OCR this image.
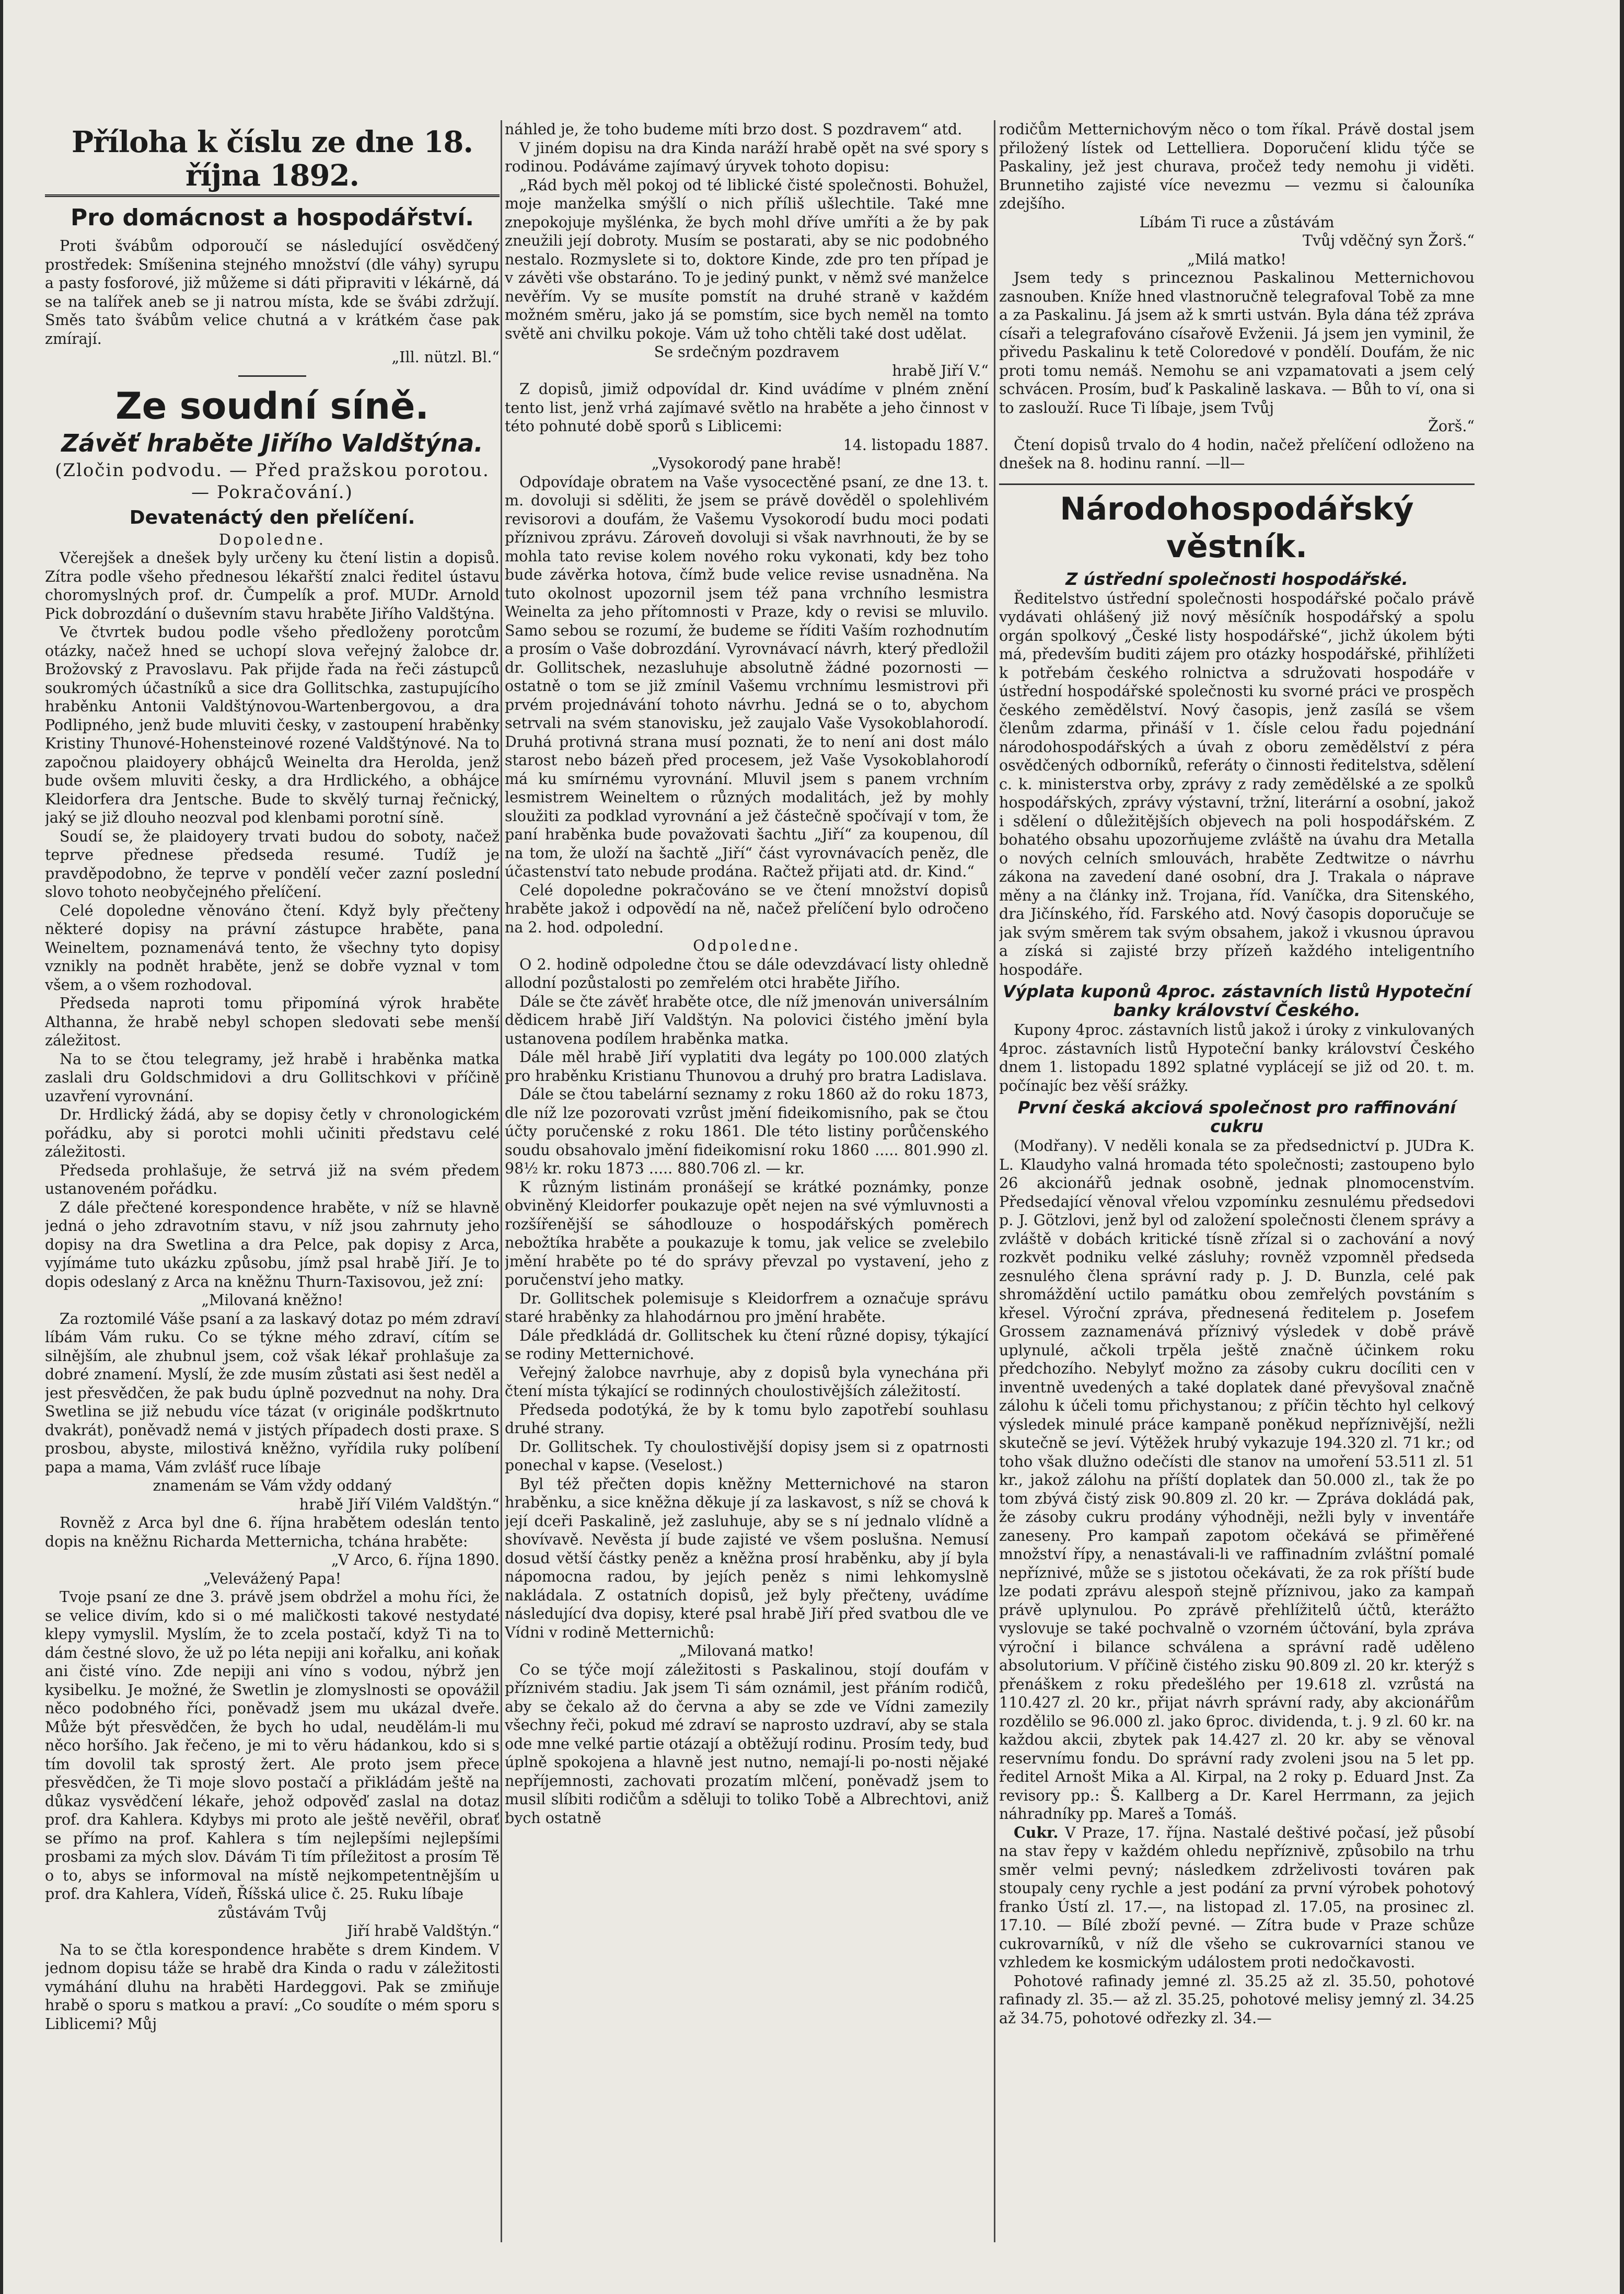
Příloha k číslu ze dne 18. října 1892.
Pro domácnost a hospodářství.

Proti švábům odporoučí se následující osvědčený prostředek: Smíšenina stejného množství (dle váhy) syrupu a pasty fosforové, již můžeme si dáti připraviti v lékárně, dá se na talířek aneb se ji natrou místa, kde se švábi zdržují. Směs tato švábům velice chutná a v krátkém čase pak zmírají.

„Ill. nützl. Bl.“

Ze soudní síně.
Závěť hraběte Jiřího Valdštýna.
(Zločin podvodu. — Před pražskou porotou. — Pokračování.)
Devatenáctý den přelíčení.

Dopoledne.

Včerejšek a dnešek byly určeny ku čtení listin a dopisů. Zítra podle všeho přednesou lékařští znalci ředitel ústavu choromyslných prof. dr. Čumpelík a prof. MUDr. Arnold Pick dobrozdání o duševním stavu hraběte Jiřího Valdštýna.

Ve čtvrtek budou podle všeho předloženy porotcům otázky, načež hned se uchopí slova veřejný žalobce dr. Brožovský z Pravoslavu. Pak přijde řada na řeči zástupců soukromých účastníků a sice dra Gollitschka, zastupujícího hraběnku Antonii Valdštýnovou-Wartenbergovou, a dra Podlipného, jenž bude mluviti česky, v zastoupení hraběnky Kristiny Thunové-Hohensteinové rozené Valdštýnové. Na to započnou plaidoyery obhájců Weinelta dra Herolda, jenž bude ovšem mluviti česky, a dra Hrdlického, a obhájce Kleidorfera dra Jentsche. Bude to skvělý turnaj řečnický, jaký se již dlouho neozval pod klenbami porotní síně.

Soudí se, že plaidoyery trvati budou do soboty, načež teprve přednese předseda resumé. Tudíž je pravděpodobno, že teprve v pondělí večer zazní poslední slovo tohoto neobyčejného přelíčení.

Celé dopoledne věnováno čtení. Když byly přečteny některé dopisy na právní zástupce hraběte, pana Weineltem, poznamenává tento, že všechny tyto dopisy vznikly na podnět hraběte, jenž se dobře vyznal v tom všem, a o všem rozhodoval.

Předseda naproti tomu připomíná výrok hraběte Althanna, že hrabě nebyl schopen sledovati sebe menší záležitost.

Na to se čtou telegramy, jež hrabě i hraběnka matka zaslali dru Goldschmidovi a dru Gollitschkovi v příčině uzavření vyrovnání.

Dr. Hrdlický žádá, aby se dopisy četly v chronologickém pořádku, aby si porotci mohli učiniti představu celé záležitosti.

Předseda prohlašuje, že setrvá již na svém předem ustanoveném pořádku.

Z dále přečtené korespondence hraběte, v níž se hlavně jedná o jeho zdravotním stavu, v níž jsou zahrnuty jeho dopisy na dra Swetlina a dra Pelce, pak dopisy z Arca, vyjímáme tuto ukázku způsobu, jímž psal hrabě Jiří. Je to dopis odeslaný z Arca na kněžnu Thurn-Taxisovou, jež zní:

„Milovaná kněžno!

Za roztomilé Váše psaní a za laskavý dotaz po mém zdraví líbám Vám ruku. Co se týkne mého zdraví, cítím se silnějším, ale zhubnul jsem, což však lékař prohlašuje za dobré znamení. Myslí, že zde musím zůstati asi šest neděl a jest přesvědčen, že pak budu úplně pozvednut na nohy. Dra Swetlina se již nebudu více tázat (v originále podškrtnuto dvakrát), poněvadž nemá v jistých případech dosti praxe. S prosbou, abyste, milostivá kněžno, vyřídila ruky políbení papa a mama, Vám zvlášť ruce líbaje

znamenám se Vám vždy oddaný

hrabě Jiří Vilém Valdštýn.“

Rovněž z Arca byl dne 6. října hrabětem odeslán tento dopis na kněžnu Richarda Metternicha, tchána hraběte:

„V Arco, 6. října 1890.

„Velevážený Papa!

Tvoje psaní ze dne 3. právě jsem obdržel a mohu říci, že se velice divím, kdo si o mé maličkosti takové nestydaté klepy vymyslil. Myslím, že to zcela postačí, když Ti na to dám čestné slovo, že už po léta nepiji ani kořalku, ani koňak ani čisté víno. Zde nepiji ani víno s vodou, nýbrž jen kysibelku. Je možné, že Swetlin je zlomyslnosti se opovážil něco podobného říci, poněvadž jsem mu ukázal dveře. Může být přesvědčen, že bych ho udal, neudělám-li mu něco horšího. Jak řečeno, je mi to věru hádankou, kdo si s tím dovolil tak sprostý žert. Ale proto jsem přece přesvědčen, že Ti moje slovo postačí a přikládám ještě na důkaz vysvědčení lékaře, jehož odpověď zaslal na dotaz prof. dra Kahlera. Kdybys mi proto ale ještě nevěřil, obrať se přímo na prof. Kahlera s tím nejlepšími nejlepšími prosbami za mých slov. Dávám Ti tím příležitost a prosím Tě o to, abys se informoval na místě nejkompetentnějším u prof. dra Kahlera, Vídeň, Říšská ulice č. 25. Ruku líbaje

zůstávám Tvůj

Jiří hrabě Valdštýn.“

Na to se čtla korespondence hraběte s drem Kindem. V jednom dopisu táže se hrabě dra Kinda o radu v záležitosti vymáhání dluhu na hraběti Hardeggovi. Pak se zmiňuje hrabě o sporu s matkou a praví: „Co soudíte o mém sporu s Liblicemi? Můj

náhled je, že toho budeme míti brzo dost. S pozdravem“ atd.

V jiném dopisu na dra Kinda naráží hrabě opět na své spory s rodinou. Podáváme zajímavý úryvek tohoto dopisu:

„Rád bych měl pokoj od té liblické čisté společnosti. Bohužel, moje manželka smýšlí o nich příliš ušlechtile. Také mne znepokojuje myšlénka, že bych mohl dříve umříti a že by pak zneužili její dobroty. Musím se postarati, aby se nic podobného nestalo. Rozmyslete si to, doktore Kinde, zde pro ten případ je v závěti vše obstaráno. To je jediný punkt, v němž své manželce nevěřím. Vy se musíte pomstít na druhé straně v každém možném směru, jako já se pomstím, sice bych neměl na tomto světě ani chvilku pokoje. Vám už toho chtěli také dost udělat.

Se srdečným pozdravem

hrabě Jiří V.“

Z dopisů, jimiž odpovídal dr. Kind uvádíme v plném znění tento list, jenž vrhá zajímavé světlo na hraběte a jeho činnost v této pohnuté době sporů s Liblicemi:

14. listopadu 1887.

„Vysokorodý pane hrabě!

Odpovídaje obratem na Vaše vysocectěné psaní, ze dne 13. t. m. dovoluji si sděliti, že jsem se právě dověděl o spolehlivém revisorovi a doufám, že Vašemu Vysokorodí budu moci podati příznivou zprávu. Zároveň dovoluji si však navrhnouti, že by se mohla tato revise kolem nového roku vykonati, kdy bez toho bude závěrka hotova, čímž bude velice revise usnadněna. Na tuto okolnost upozornil jsem též pana vrchního lesmistra Weinelta za jeho přítomnosti v Praze, kdy o revisi se mluvilo. Samo sebou se rozumí, že budeme se říditi Vaším rozhodnutím a prosím o Vaše dobrozdání. Vyrovnávací návrh, který předložil dr. Gollitschek, nezasluhuje absolutně žádné pozornosti — ostatně o tom se již zmínil Vašemu vrchnímu lesmistrovi při prvém projednávání tohoto návrhu. Jedná se o to, abychom setrvali na svém stanovisku, jež zaujalo Vaše Vysokoblahorodí. Druhá protivná strana musí poznati, že to není ani dost málo starost nebo bázeň před procesem, jež Vaše Vysokoblahorodí má ku smírnému vyrovnání. Mluvil jsem s panem vrchním lesmistrem Weineltem o různých modalitách, jež by mohly sloužiti za podklad vyrovnání a jež částečně spočívají v tom, že paní hraběnka bude považovati šachtu „Jiří“ za koupenou, díl na tom, že uloží na šachtě „Jiří“ část vyrovnávacích peněz, dle účastenství tato nebude prodána. Račtež přijati atd. dr. Kind.“

Celé dopoledne pokračováno se ve čtení množství dopisů hraběte jakož i odpovědí na ně, načež přelíčení bylo odročeno na 2. hod. odpolední.

Odpoledne.

O 2. hodině odpoledne čtou se dále odevzdávací listy ohledně allodní pozůstalosti po zemřelém otci hraběte Jiřího.

Dále se čte závěť hraběte otce, dle níž jmenován universálním dědicem hrabě Jiří Valdštýn. Na polovici čistého jmění byla ustanovena podílem hraběnka matka.

Dále měl hrabě Jiří vyplatiti dva legáty po 100.000 zlatých pro hraběnku Kristianu Thunovou a druhý pro bratra Ladislava.

Dále se čtou tabelární seznamy z roku 1860 až do roku 1873, dle níž lze pozorovati vzrůst jmění fideikomisního, pak se čtou účty poručenské z roku 1861. Dle této listiny porůčenského soudu obsahovalo jmění fideikomisní roku 1860 ..... 801.990 zl. 98½ kr. roku 1873 ..... 880.706 zl. — kr.

K různým listinám pronášejí se krátké poznámky, ponze obviněný Kleidorfer poukazuje opět nejen na své výmluvnosti a rozšířenější se sáhodlouze o hospodářských poměrech nebožtíka hraběte a poukazuje k tomu, jak velice se zvelebilo jmění hraběte po té do správy převzal po vystavení, jeho z poručenství jeho matky.

Dr. Gollitschek polemisuje s Kleidorfrem a označuje správu staré hraběnky za hlahodárnou pro jmění hraběte.

Dále předkládá dr. Gollitschek ku čtení různé dopisy, týkající se rodiny Metternichové.

Veřejný žalobce navrhuje, aby z dopisů byla vynechána při čtení místa týkající se rodinných choulostivějších záležitostí.

Předseda podotýká, že by k tomu bylo zapotřebí souhlasu druhé strany.

Dr. Gollitschek. Ty choulostivější dopisy jsem si z opatrnosti ponechal v kapse. (Veselost.)

Byl též přečten dopis kněžny Metternichové na staron hraběnku, a sice kněžna děkuje jí za laskavost, s níž se chová k její dceři Paskalině, jež zasluhuje, aby se s ní jednalo vlídně a shovívavě. Nevěsta jí bude zajisté ve všem poslušna. Nemusí dosud větší částky peněz a kněžna prosí hraběnku, aby jí byla nápomocna radou, by jejích peněz s nimi lehkomyslně nakládala. Z ostatních dopisů, jež byly přečteny, uvádíme následující dva dopisy, které psal hrabě Jiří před svatbou dle ve Vídni v rodině Metternichů:

„Milovaná matko!

Co se týče mojí záležitosti s Paskalinou, stojí doufám v příznivém stadiu. Jak jsem Ti sám oznámil, jest přáním rodičů, aby se čekalo až do června a aby se zde ve Vídni zamezily všechny řeči, pokud mé zdraví se naprosto uzdraví, aby se stala ode mne velké partie otázají a obtěžují rodinu. Prosím tedy, buď úplně spokojena a hlavně jest nutno, nemají-li po-nosti nějaké nepříjemnosti, zachovati prozatím mlčení, poněvadž jsem to musil slíbiti rodičům a sděluji to toliko Tobě a Albrechtovi, aniž bych ostatně

rodičům Metternichovým něco o tom říkal. Právě dostal jsem přiložený lístek od Lettelliera. Doporučení klidu týče se Paskaliny, jež jest churava, pročež tedy nemohu ji viděti. Brunnetiho zajisté více nevezmu — vezmu si čalouníka zdejšího.

Líbám Ti ruce a zůstávám

Tvůj vděčný syn Žorš.“

„Milá matko!

Jsem tedy s princeznou Paskalinou Metternichovou zasnouben. Kníže hned vlastnoručně telegrafoval Tobě za mne a za Paskalinu. Já jsem až k smrti ustván. Byla dána též zpráva císaři a telegrafováno císařově Evženii. Já jsem jen vyminil, že přivedu Paskalinu k tetě Coloredové v pondělí. Doufám, že nic proti tomu nemáš. Nemohu se ani vzpamatovati a jsem celý schvácen. Prosím, buď k Paskalině laskava. — Bůh to ví, ona si to zaslouží. Ruce Ti líbaje, jsem Tvůj

Žorš.“

Čtení dopisů trvalo do 4 hodin, načež přelíčení odloženo na dnešek na 8. hodinu ranní. —ll—

Národohospodářský věstník.
Z ústřední společnosti hospodářské.

Ředitelstvo ústřední společnosti hospodářské počalo právě vydávati ohlášený již nový měsíčník hospodářský a spolu orgán spolkový „České listy hospodářské“, jichž úkolem býti má, především buditi zájem pro otázky hospodářské, přihlížeti k potřebám českého rolnictva a sdružovati hospodáře v ústřední hospodářské společnosti ku svorné práci ve prospěch českého zemědělství. Nový časopis, jenž zasílá se všem členům zdarma, přináší v 1. čísle celou řadu pojednání národohospodářských a úvah z oboru zemědělství z péra osvědčených odborníků, referáty o činnosti ředitelstva, sdělení c. k. ministerstva orby, zprávy z rady zemědělské a ze spolků hospodářských, zprávy výstavní, tržní, literární a osobní, jakož i sdělení o důležitějších objevech na poli hospodářském. Z bohatého obsahu upozorňujeme zvláště na úvahu dra Metalla o nových celních smlouvách, hraběte Zedtwitze o návrhu zákona na zavedení dané osobní, dra J. Trakala o náprave měny a na články inž. Trojana, říd. Vaníčka, dra Sitenského, dra Jičínského, říd. Farského atd. Nový časopis doporučuje se jak svým směrem tak svým obsahem, jakož i vkusnou úpravou a získá si zajisté brzy přízeň každého inteligentního hospodáře.

Výplata kuponů 4proc. zástavních listů Hypoteční banky království Českého.

Kupony 4proc. zástavních listů jakož i úroky z vinkulovaných 4proc. zástavních listů Hypoteční banky království Českého dnem 1. listopadu 1892 splatné vyplácejí se již od 20. t. m. počínajíc bez věší srážky.

První česká akciová společnost pro raffinování cukru

(Modřany). V neděli konala se za předsednictví p. JUDra K. L. Klaudyho valná hromada této společnosti; zastoupeno bylo 26 akcionářů jednak osobně, jednak plnomocenstvím. Předsedající věnoval vřelou vzpomínku zesnulému předsedovi p. J. Götzlovi, jenž byl od založení společnosti členem správy a zvláště v dobách kritické tísně zřízal si o zachování a nový rozkvět podniku velké zásluhy; rovněž vzpomněl předseda zesnulého člena správní rady p. J. D. Bunzla, celé pak shromáždění uctilo památku obou zemřelých povstáním s křesel. Výroční zpráva, přednesená ředitelem p. Josefem Grossem zaznamenává příznivý výsledek v době právě uplynulé, ačkoli trpěla ještě značně účinkem roku předchozího. Nebylyť možno za zásoby cukru docíliti cen v inventně uvedených a také doplatek dané převyšoval značně zálohu k účeli tomu přichystanou; z příčin těchto hyl celkový výsledek minulé práce kampaně poněkud nepříznivější, nežli skutečně se jeví. Výtěžek hrubý vykazuje 194.320 zl. 71 kr.; od toho však dlužno odečísti dle stanov na umoření 53.511 zl. 51 kr., jakož zálohu na příští doplatek dan 50.000 zl., tak že po tom zbývá čistý zisk 90.809 zl. 20 kr. — Zpráva dokládá pak, že zásoby cukru prodány výhodněji, nežli byly v inventáře zaneseny. Pro kampaň zapotom očekává se přiměřené množství řípy, a nenastávali-li ve raffinadním zvláštní pomalé nepříznivé, může se s jistotou očekávati, že za rok příští bude lze podati zprávu alespoň stejně příznivou, jako za kampaň právě uplynulou. Po zprávě přehlížitelů účtů, kterážto vyslovuje se také pochvalně o vzorném účtování, byla zpráva výroční i bilance schválena a správní radě uděleno absolutorium. V příčině čistého zisku 90.809 zl. 20 kr. kterýž s přenáškem z roku předešlého per 19.618 zl. vzrůstá na 110.427 zl. 20 kr., přijat návrh správní rady, aby akcionářům rozdělilo se 96.000 zl. jako 6proc. dividenda, t. j. 9 zl. 60 kr. na každou akcii, zbytek pak 14.427 zl. 20 kr. aby se věnoval reservnímu fondu. Do správní rady zvoleni jsou na 5 let pp. ředitel Arnošt Mika a Al. Kirpal, na 2 roky p. Eduard Jnst. Za revisory pp.: Š. Kallberg a Dr. Karel Herrmann, za jejich náhradníky pp. Mareš a Tomáš.

Cukr. V Praze, 17. října. Nastalé deštivé počasí, jež působí na stav řepy v každém ohledu nepříznivě, způsobilo na trhu směr velmi pevný; následkem zdrželivosti továren pak stoupaly ceny rychle a jest podání za první výrobek pohotový franko Ústí zl. 17.—, na listopad zl. 17.05, na prosinec zl. 17.10. — Bílé zboží pevné. — Zítra bude v Praze schůze cukrovarníků, v níž dle všeho se cukrovarníci stanou ve vzhledem ke kosmickým událostem proti nedočkavosti.

Pohotové rafinady jemné zl. 35.25 až zl. 35.50, pohotové rafinady zl. 35.— až zl. 35.25, pohotové melisy jemný zl. 34.25 až 34.75, pohotové odřezky zl. 34.—
